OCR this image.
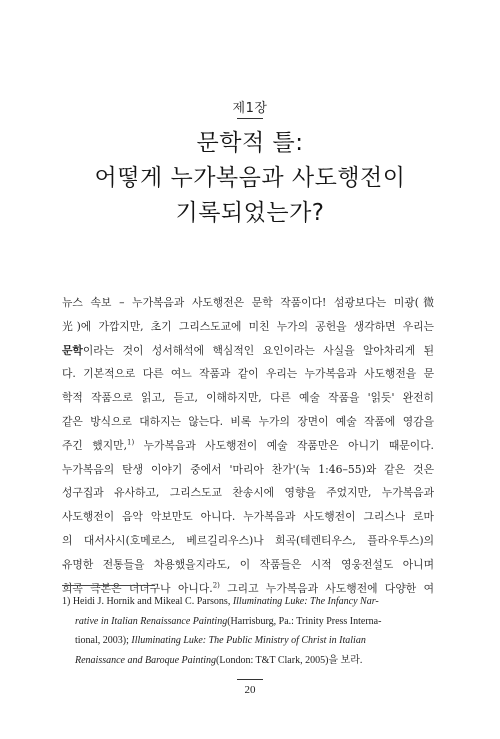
제1장
문학적 틀:
어떻게 누가복음과 사도행전이
기록되었는가?
뉴스 속보 – 누가복음과 사도행전은 문학 작품이다! 섬광보다는 미광(微
光)에 가깝지만, 초기 그리스도교에 미친 누가의 공헌을 생각하면 우리는
문학이라는 것이 성서해석에 핵심적인 요인이라는 사실을 알아차리게 된
다. 기본적으로 다른 여느 작품과 같이 우리는 누가복음과 사도행전을 문
학적 작품으로 읽고, 듣고, 이해하지만, 다른 예술 작품을 '읽듯' 완전히
같은 방식으로 대하지는 않는다. 비록 누가의 장면이 예술 작품에 영감을
주긴 했지만,$^{1)}$ 누가복음과 사도행전이 예술 작품만은 아니기 때문이다.
누가복음의 탄생 이야기 중에서 '마리아 찬가'(눅 1:46–55)와 같은 것은
성구집과 유사하고, 그리스도교 찬송시에 영향을 주었지만, 누가복음과
사도행전이 음악 악보만도 아니다. 누가복음과 사도행전이 그리스나 로마
의 대서사시(호메로스, 베르길리우스)나 희곡(테렌티우스, 플라우투스)의
유명한 전통들을 차용했을지라도, 이 작품들은 시적 영웅전설도 아니며
희곡 극본은 더더구나 아니다.$^{2)}$ 그리고 누가복음과 사도행전에 다양한 여
1) Heidi J. Hornik and Mikeal C. Parsons, Illuminating Luke: The Infancy Nar-
rative in Italian Renaissance Painting(Harrisburg, Pa.: Trinity Press Interna-
tional, 2003); Illuminating Luke: The Public Ministry of Christ in Italian
Renaissance and Baroque Painting(London: T&T Clark, 2005)을 보라.
20
